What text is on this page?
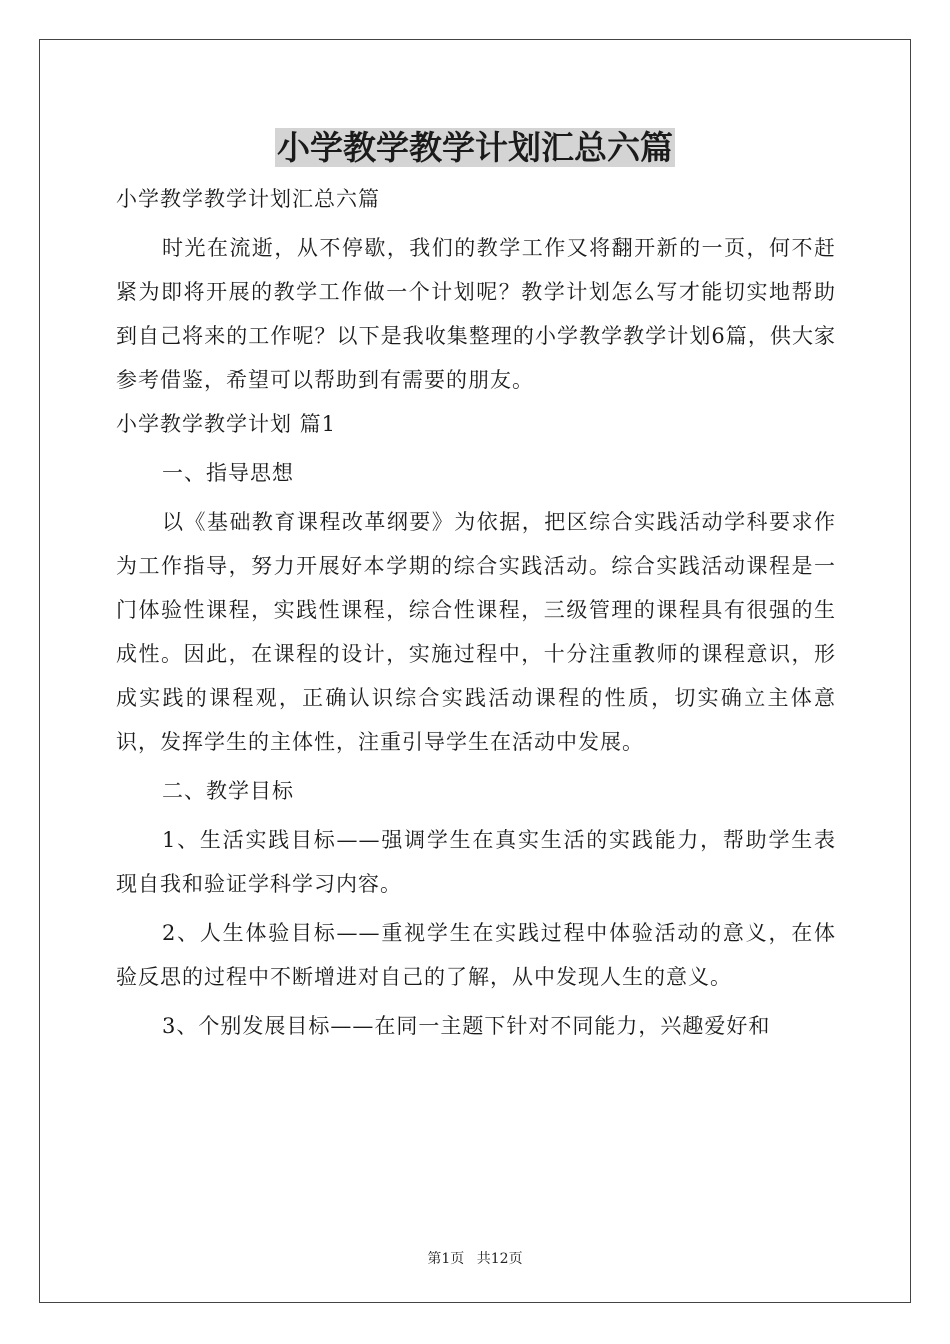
小学教学教学计划汇总六篇

小学教学教学计划汇总六篇

时光在流逝，从不停歇，我们的教学工作又将翻开新的一页，何不赶紧为即将开展的教学工作做一个计划呢？教学计划怎么写才能切实地帮助到自己将来的工作呢？以下是我收集整理的小学教学教学计划6篇，供大家参考借鉴，希望可以帮助到有需要的朋友。

小学教学教学计划 篇1

一、指导思想

以《基础教育课程改革纲要》为依据，把区综合实践活动学科要求作为工作指导，努力开展好本学期的综合实践活动。综合实践活动课程是一门体验性课程，实践性课程，综合性课程，三级管理的课程具有很强的生成性。因此，在课程的设计，实施过程中，十分注重教师的课程意识，形成实践的课程观，正确认识综合实践活动课程的性质，切实确立主体意识，发挥学生的主体性，注重引导学生在活动中发展。

二、教学目标

1、生活实践目标——强调学生在真实生活的实践能力，帮助学生表现自我和验证学科学习内容。

2、人生体验目标——重视学生在实践过程中体验活动的意义，在体验反思的过程中不断增进对自己的了解，从中发现人生的意义。

3、个别发展目标——在同一主题下针对不同能力，兴趣爱好和

第1页 共12页
